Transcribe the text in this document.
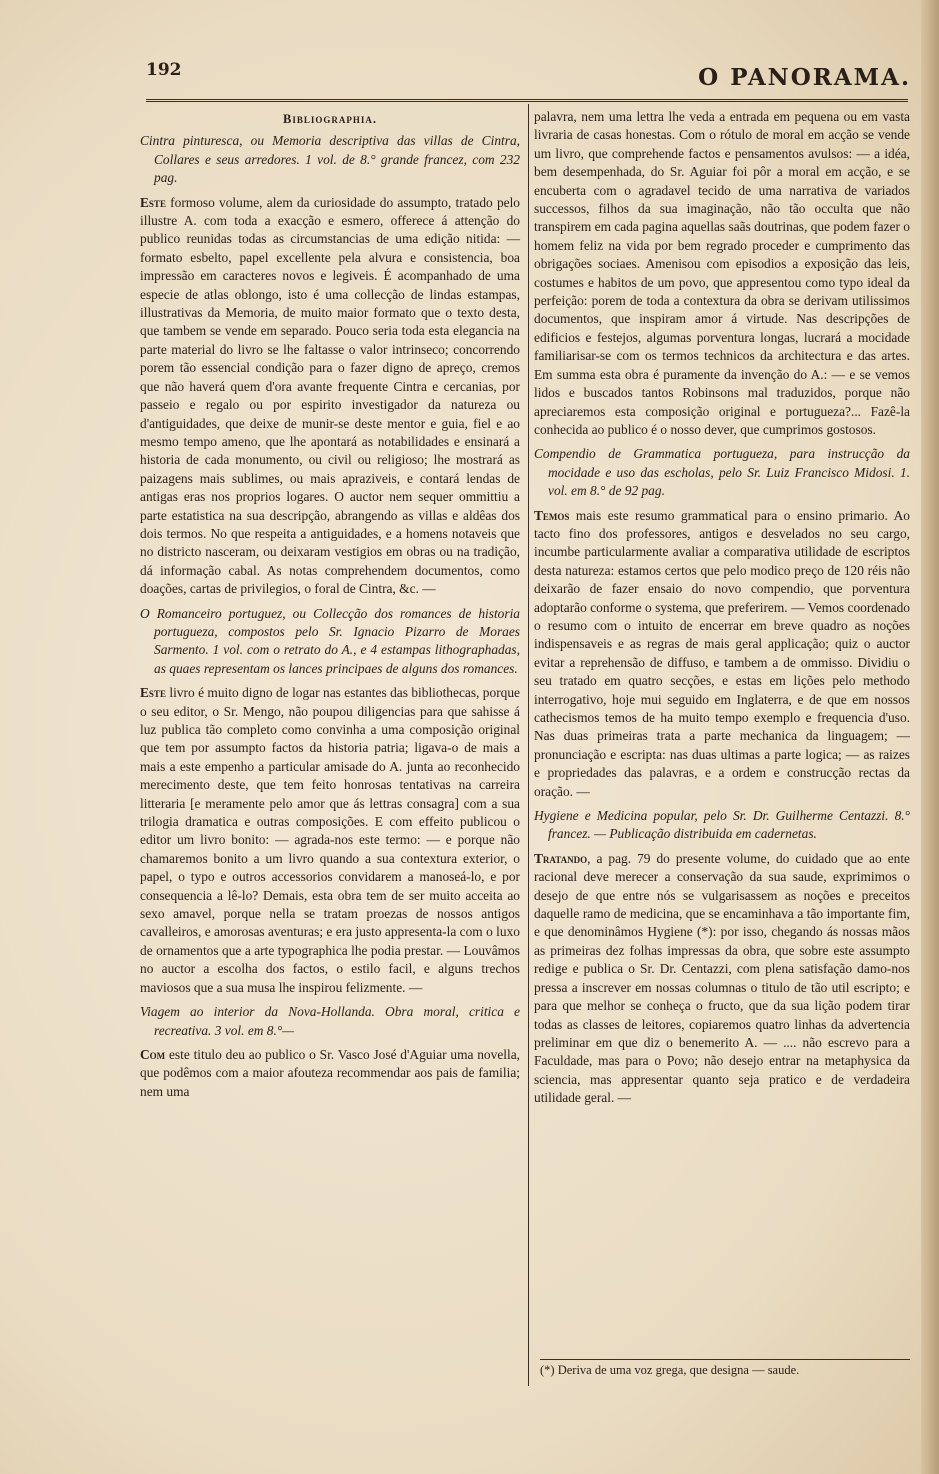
192	O PANORAMA.
Bibliographia.

Cintra pinturesca, ou Memoria descriptiva das villas de Cintra, Collares e seus arredores. 1 vol. de 8.° grande francez, com 232 pag.

Este formoso volume, alem da curiosidade do assumpto, tratado pelo illustre A. com toda a exacção e esmero, offerece á attenção do publico reunidas todas as circumstancias de uma edição nitida: — formato esbelto, papel excellente pela alvura e consistencia, boa impressão em caracteres novos e legiveis. É acompanhado de uma especie de atlas oblongo, isto é uma collecção de lindas estampas, illustrativas da Memoria, de muito maior formato que o texto desta, que tambem se vende em separado. Pouco seria toda esta elegancia na parte material do livro se lhe faltasse o valor intrinseco; concorrendo porem tão essencial condição para o fazer digno de apreço, cremos que não haverá quem d'ora avante frequente Cintra e cercanias, por passeio e regalo ou por espirito investigador da natureza ou d'antiguidades, que deixe de munir-se deste mentor e guia, fiel e ao mesmo tempo ameno, que lhe apontará as notabilidades e ensinará a historia de cada monumento, ou civil ou religioso; lhe mostrará as paizagens mais sublimes, ou mais apraziveis, e contará lendas de antigas eras nos proprios logares. O auctor nem sequer ommittiu a parte estatistica na sua descripção, abrangendo as villas e aldêas dos dois termos. No que respeita a antiguidades, e a homens notaveis que no districto nasceram, ou deixaram vestigios em obras ou na tradição, dá informação cabal. As notas comprehendem documentos, como doações, cartas de privilegios, o foral de Cintra, &c. —

O Romanceiro portuguez, ou Collecção dos romances de historia portugueza, compostos pelo Sr. Ignacio Pizarro de Moraes Sarmento. 1 vol. com o retrato do A., e 4 estampas lithographadas, as quaes representam os lances principaes de alguns dos romances.

Este livro é muito digno de logar nas estantes das bibliothecas, porque o seu editor, o Sr. Mengo, não poupou diligencias para que sahisse á luz publica tão completo como convinha a uma composição original que tem por assumpto factos da historia patria; ligava-o de mais a mais a este empenho a particular amisade do A. junta ao reconhecido merecimento deste, que tem feito honrosas tentativas na carreira litteraria [e meramente pelo amor que ás lettras consagra] com a sua trilogia dramatica e outras composições. E com effeito publicou o editor um livro bonito: — agrada-nos este termo: — e porque não chamaremos bonito a um livro quando a sua contextura exterior, o papel, o typo e outros accessorios convidarem a manoseá-lo, e por consequencia a lê-lo? Demais, esta obra tem de ser muito acceita ao sexo amavel, porque nella se tratam proezas de nossos antigos cavalleiros, e amorosas aventuras; e era justo appresenta-la com o luxo de ornamentos que a arte typographica lhe podia prestar. — Louvâmos no auctor a escolha dos factos, o estilo facil, e alguns trechos maviosos que a sua musa lhe inspirou felizmente. —

Viagem ao interior da Nova-Hollanda. Obra moral, critica e recreativa. 3 vol. em 8.°—

Com este titulo deu ao publico o Sr. Vasco José d'Aguiar uma novella, que podêmos com a maior afouteza recommendar aos pais de familia; nem uma

palavra, nem uma lettra lhe veda a entrada em pequena ou em vasta livraria de casas honestas. Com o rótulo de moral em acção se vende um livro, que comprehende factos e pensamentos avulsos: — a idéa, bem desempenhada, do Sr. Aguiar foi pôr a moral em acção, e se encuberta com o agradavel tecido de uma narrativa de variados successos, filhos da sua imaginação, não tão occulta que não transpirem em cada pagina aquellas saãs doutrinas, que podem fazer o homem feliz na vida por bem regrado proceder e cumprimento das obrigações sociaes. Amenisou com episodios a exposição das leis, costumes e habitos de um povo, que appresentou como typo ideal da perfeição: porem de toda a contextura da obra se derivam utilissimos documentos, que inspiram amor á virtude. Nas descripções de edificios e festejos, algumas porventura longas, lucrará a mocidade familiarisar-se com os termos technicos da architectura e das artes. Em summa esta obra é puramente da invenção do A.: — e se vemos lidos e buscados tantos Robinsons mal traduzidos, porque não apreciaremos esta composição original e portugueza?... Fazê-la conhecida ao publico é o nosso dever, que cumprimos gostosos.

Compendio de Grammatica portugueza, para instrucção da mocidade e uso das escholas, pelo Sr. Luiz Francisco Midosi. 1. vol. em 8.° de 92 pag.

Temos mais este resumo grammatical para o ensino primario. Ao tacto fino dos professores, antigos e desvelados no seu cargo, incumbe particularmente avaliar a comparativa utilidade de escriptos desta natureza: estamos certos que pelo modico preço de 120 réis não deixarão de fazer ensaio do novo compendio, que porventura adoptarão conforme o systema, que preferirem. — Vemos coordenado o resumo com o intuito de encerrar em breve quadro as noções indispensaveis e as regras de mais geral applicação; quiz o auctor evitar a reprehensão de diffuso, e tambem a de ommisso. Dividiu o seu tratado em quatro secções, e estas em lições pelo methodo interrogativo, hoje mui seguido em Inglaterra, e de que em nossos cathecismos temos de ha muito tempo exemplo e frequencia d'uso. Nas duas primeiras trata a parte mechanica da linguagem; — pronunciação e escripta: nas duas ultimas a parte logica; — as raizes e propriedades das palavras, e a ordem e construcção rectas da oração. —

Hygiene e Medicina popular, pelo Sr. Dr. Guilherme Centazzi. 8.° francez. — Publicação distribuida em cadernetas.

Tratando, a pag. 79 do presente volume, do cuidado que ao ente racional deve merecer a conservação da sua saude, exprimimos o desejo de que entre nós se vulgarisassem as noções e preceitos daquelle ramo de medicina, que se encaminhava a tão importante fim, e que denominâmos Hygiene (*): por isso, chegando ás nossas mãos as primeiras dez folhas impressas da obra, que sobre este assumpto redige e publica o Sr. Dr. Centazzi, com plena satisfação damo-nos pressa a inscrever em nossas columnas o titulo de tão util escripto; e para que melhor se conheça o fructo, que da sua lição podem tirar todas as classes de leitores, copiaremos quatro linhas da advertencia preliminar em que diz o benemerito A. — .... não escrevo para a Faculdade, mas para o Povo; não desejo entrar na metaphysica da sciencia, mas appresentar quanto seja pratico e de verdadeira utilidade geral. —

(*) Deriva de uma voz grega, que designa — saude.
